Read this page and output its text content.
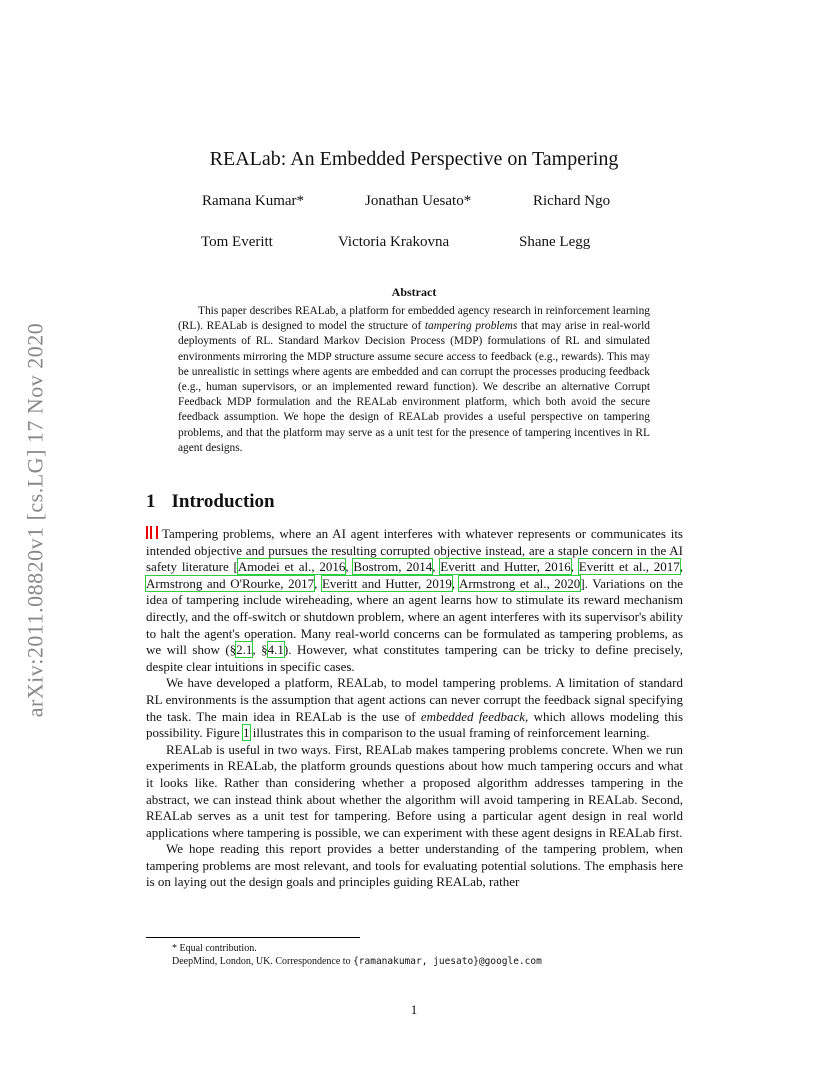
arXiv:2011.08820v1 [cs.LG] 17 Nov 2020
REALab: An Embedded Perspective on Tampering
Ramana Kumar*	Jonathan Uesato*	Richard Ngo
Tom Everitt	Victoria Krakovna	Shane Legg
Abstract
This paper describes REALab, a platform for embedded agency research in reinforcement learning (RL). REALab is designed to model the structure of tampering problems that may arise in real-world deployments of RL. Standard Markov Decision Process (MDP) formulations of RL and simulated environments mirroring the MDP structure assume secure access to feedback (e.g., rewards). This may be unrealistic in settings where agents are embedded and can corrupt the processes producing feedback (e.g., human supervisors, or an implemented reward function). We describe an alternative Corrupt Feedback MDP formulation and the REALab environment platform, which both avoid the secure feedback assumption. We hope the design of REALab provides a useful perspective on tampering problems, and that the platform may serve as a unit test for the presence of tampering incentives in RL agent designs.
1 Introduction

Tampering problems, where an AI agent interferes with whatever represents or communicates its intended objective and pursues the resulting corrupted objective instead, are a staple concern in the AI safety literature [Amodei et al., 2016, Bostrom, 2014, Everitt and Hutter, 2016, Everitt et al., 2017, Armstrong and O'Rourke, 2017, Everitt and Hutter, 2019, Armstrong et al., 2020]. Variations on the idea of tampering include wireheading, where an agent learns how to stimulate its reward mechanism directly, and the off-switch or shutdown problem, where an agent interferes with its supervisor's ability to halt the agent's operation. Many real-world concerns can be formulated as tampering problems, as we will show (§2.1, §4.1). However, what constitutes tampering can be tricky to define precisely, despite clear intuitions in specific cases.

We have developed a platform, REALab, to model tampering problems. A limitation of standard RL environments is the assumption that agent actions can never corrupt the feedback signal specifying the task. The main idea in REALab is the use of embedded feedback, which allows modeling this possibility. Figure 1 illustrates this in comparison to the usual framing of reinforcement learning.

REALab is useful in two ways. First, REALab makes tampering problems concrete. When we run experiments in REALab, the platform grounds questions about how much tampering occurs and what it looks like. Rather than considering whether a proposed algorithm addresses tampering in the abstract, we can instead think about whether the algorithm will avoid tampering in REALab. Second, REALab serves as a unit test for tampering. Before using a particular agent design in real world applications where tampering is possible, we can experiment with these agent designs in REALab first.

We hope reading this report provides a better understanding of the tampering problem, when tampering problems are most relevant, and tools for evaluating potential solutions. The emphasis here is on laying out the design goals and principles guiding REALab, rather

* Equal contribution.
DeepMind, London, UK. Correspondence to {ramanakumar, juesato}@google.com
1
